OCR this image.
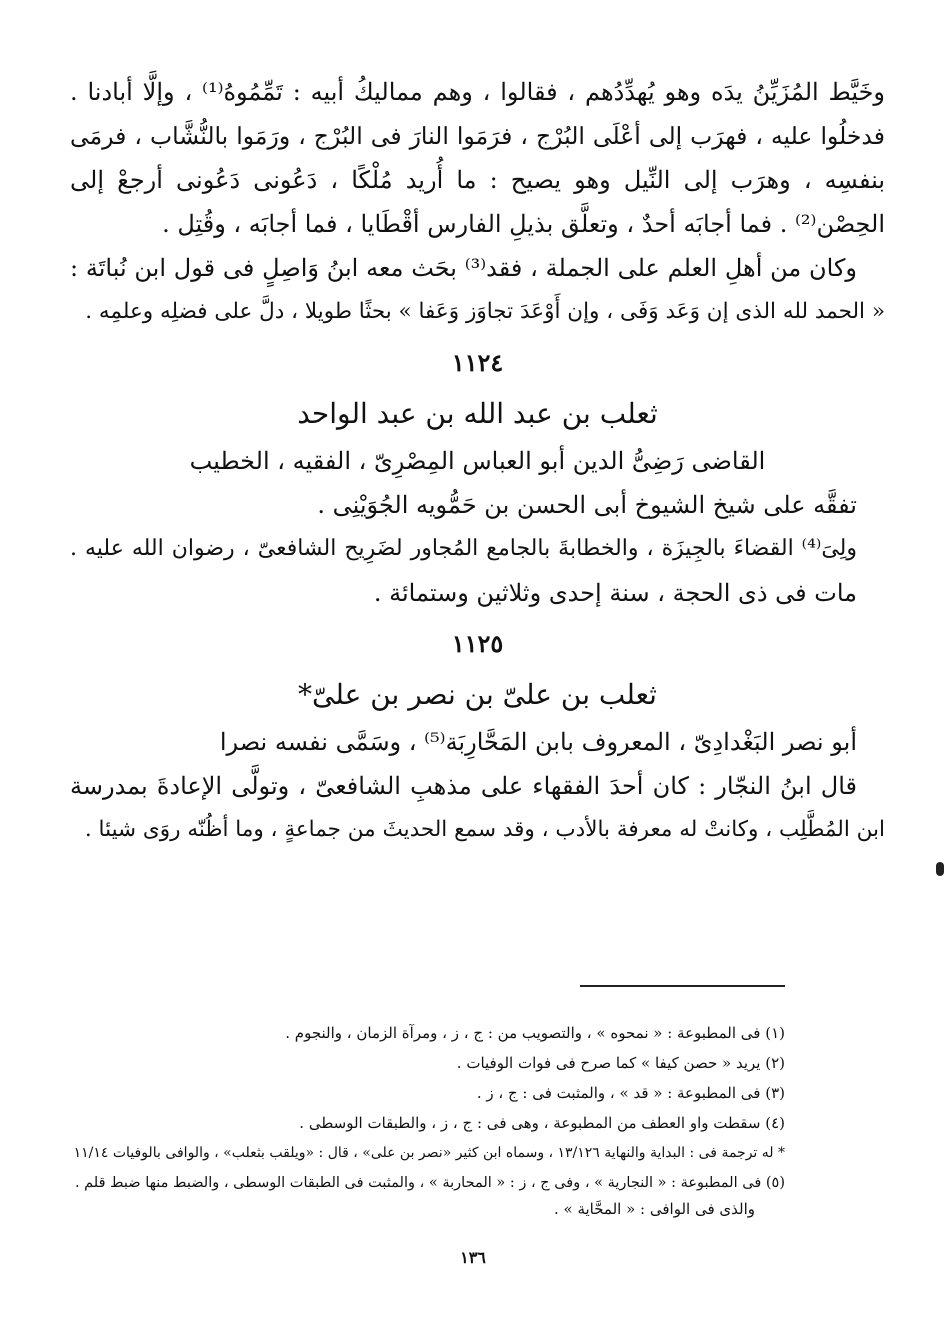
وخَيَّط المُزَيِّنُ يدَه وهو يُهدِّدُهم ، فقالوا ، وهم مماليكُ أبيه : تَمِّمُوهُ⁽¹⁾ ، وإلَّا أبادنا .
فدخلُوا عليه ، فهرَب إلى أعْلَى البُرْج ، فرَمَوا النارَ فى البُرْج ، ورَمَوا بالنُّشَّاب ، فرمَى
بنفسِه ، وهرَب إلى النِّيل وهو يصيح : ما أُريد مُلْكًا ، دَعُونى دَعُونى أرجعْ إلى
الحِصْن⁽²⁾ . فما أجابَه أحدٌ ، وتعلَّق بذيلِ الفارس أقْطَايا ، فما أجابَه ، وقُتِل .
وكان من أهلِ العلم على الجملة ، فقد⁽³⁾ بحَث معه ابنُ وَاصِلٍ فى قول ابن نُباتَة :
« الحمد لله الذى إن وَعَد وَفَى ، وإن أَوْعَدَ تجاوَز وَعَفا » بحثًا طويلا ، دلَّ على فضلِه وعلمِه .
١١٢٤
ثعلب بن عبد الله بن عبد الواحد
القاضى رَضِىُّ الدين أبو العباس المِصْرِىّ ، الفقيه ، الخطيب
تفقَّه على شيخ الشيوخ أبى الحسن بن حَمُّويه الجُوَيْنِى .
ولِىَ⁽⁴⁾ القضاءَ بالجِيزَة ، والخطابةَ بالجامع المُجاور لضَرِيح الشافعىّ ، رضوان الله عليه .
مات فى ذى الحجة ، سنة إحدى وثلاثين وستمائة .
١١٢٥
ثعلب بن علىّ بن نصر بن علىّ*
أبو نصر البَغْدادِىّ ، المعروف بابن المَحَّارِبَة⁽⁵⁾ ، وسَمَّى نفسه نصرا
قال ابنُ النجّار : كان أحدَ الفقهاء على مذهبِ الشافعىّ ، وتولَّى الإعادةَ بمدرسة
ابن المُطَّلِب ، وكانتْ له معرفة بالأدب ، وقد سمع الحديثَ من جماعةٍ ، وما أظُنّه روَى شيئا .
(١) فى المطبوعة : « نمحوه » ، والتصويب من : ج ، ز ، ومرآة الزمان ، والنجوم .
(٢) يريد « حصن كيفا » كما صرح فى فوات الوفيات .
(٣) فى المطبوعة : « قد » ، والمثبت فى : ج ، ز .
(٤) سقطت واو العطف من المطبوعة ، وهى فى : ج ، ز ، والطبقات الوسطى .
* له ترجمة فى : البداية والنهاية ١٣/١٢٦ ، وسماه ابن كثير «نصر بن على» ، قال : «ويلقب بثعلب» ، والوافى بالوفيات ١١/١٤
(٥) فى المطبوعة : « النجارية » ، وفى ج ، ز : « المحاربة » ، والمثبت فى الطبقات الوسطى ، والضبط منها ضبط قلم .
والذى فى الوافى : « المحَّاية » .
١٣٦
